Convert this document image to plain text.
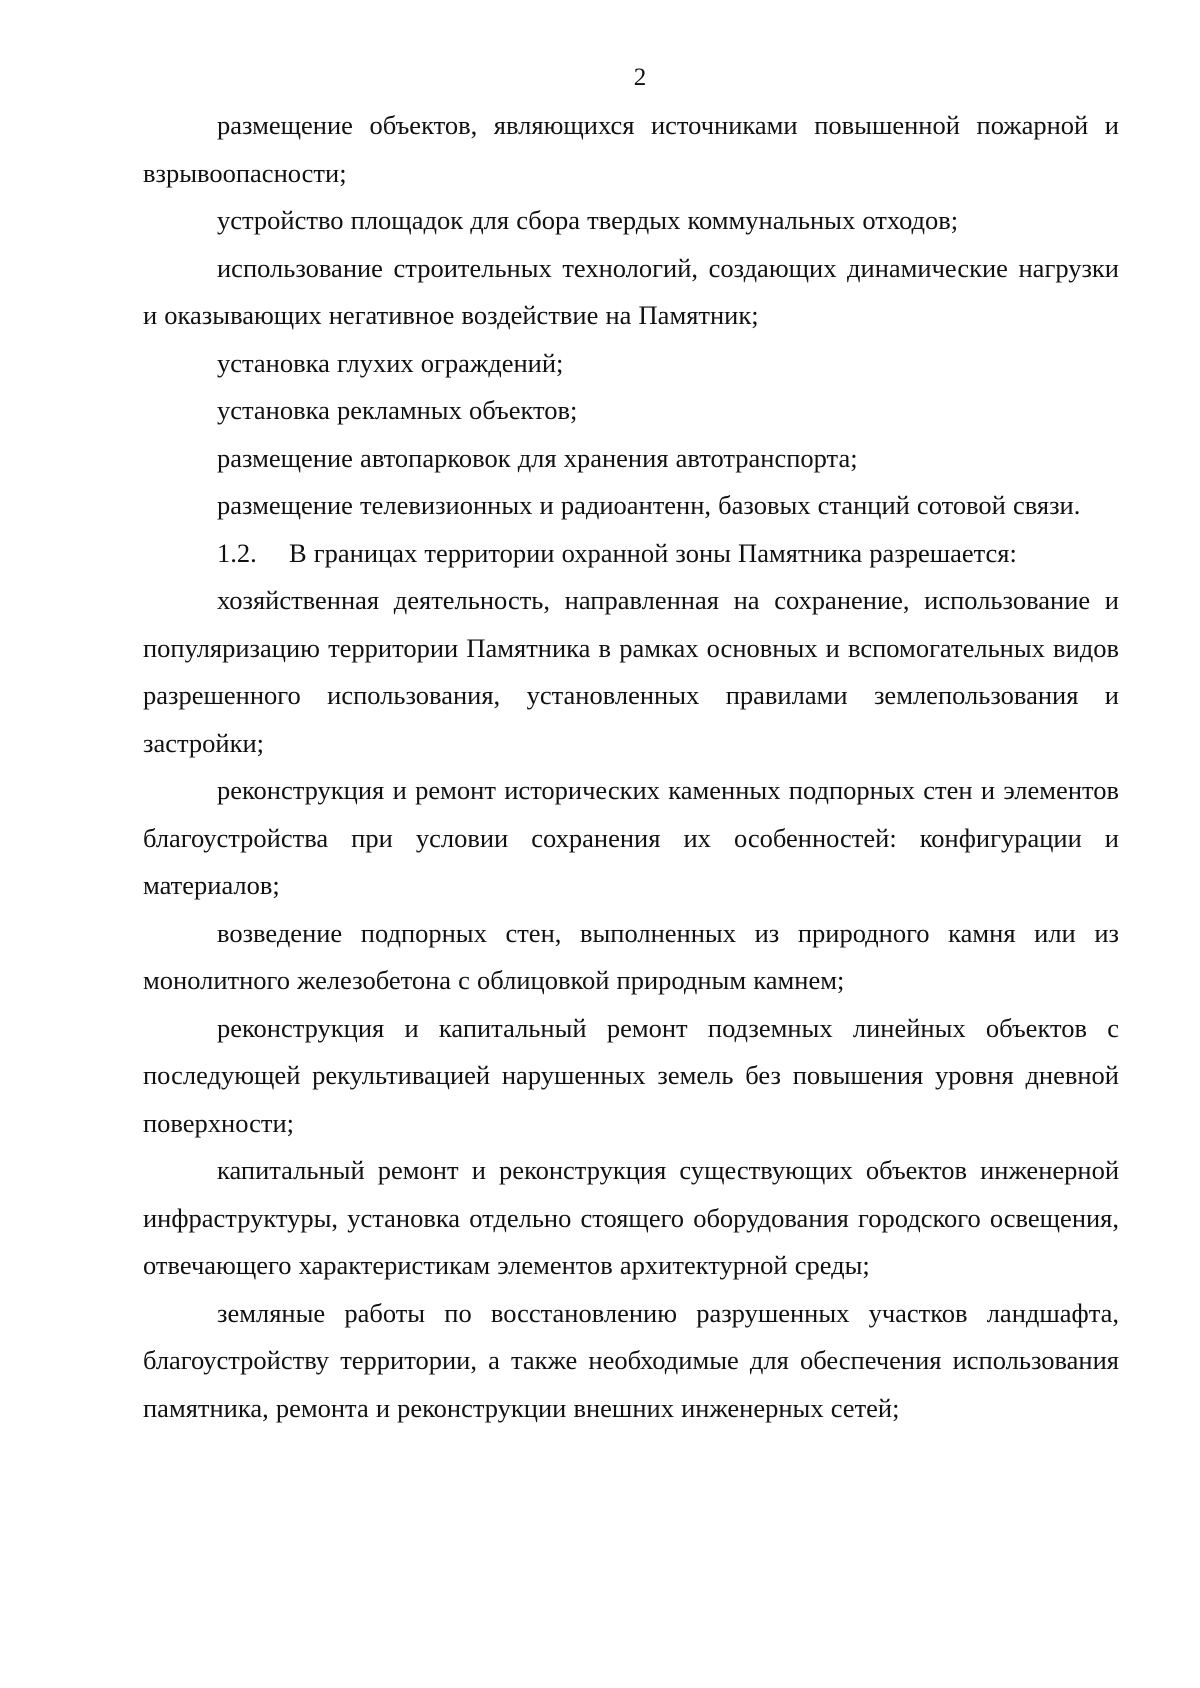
2

размещение объектов, являющихся источниками повышенной пожарной и взрывоопасности;

устройство площадок для сбора твердых коммунальных отходов;

использование строительных технологий, создающих динамические нагрузки и оказывающих негативное воздействие на Памятник;

установка глухих ограждений;

установка рекламных объектов;

размещение автопарковок для хранения автотранспорта;

размещение телевизионных и радиоантенн, базовых станций сотовой связи.

1.2. В границах территории охранной зоны Памятника разрешается:

хозяйственная деятельность, направленная на сохранение, использование и популяризацию территории Памятника в рамках основных и вспомогательных видов разрешенного использования, установленных правилами землепользования и застройки;

реконструкция и ремонт исторических каменных подпорных стен и элементов благоустройства при условии сохранения их особенностей: конфигурации и материалов;

возведение подпорных стен, выполненных из природного камня или из монолитного железобетона с облицовкой природным камнем;

реконструкция и капитальный ремонт подземных линейных объектов с последующей рекультивацией нарушенных земель без повышения уровня дневной поверхности;

капитальный ремонт и реконструкция существующих объектов инженерной инфраструктуры, установка отдельно стоящего оборудования городского освещения, отвечающего характеристикам элементов архитектурной среды;

земляные работы по восстановлению разрушенных участков ландшафта, благоустройству территории, а также необходимые для обеспечения использования памятника, ремонта и реконструкции внешних инженерных сетей;
